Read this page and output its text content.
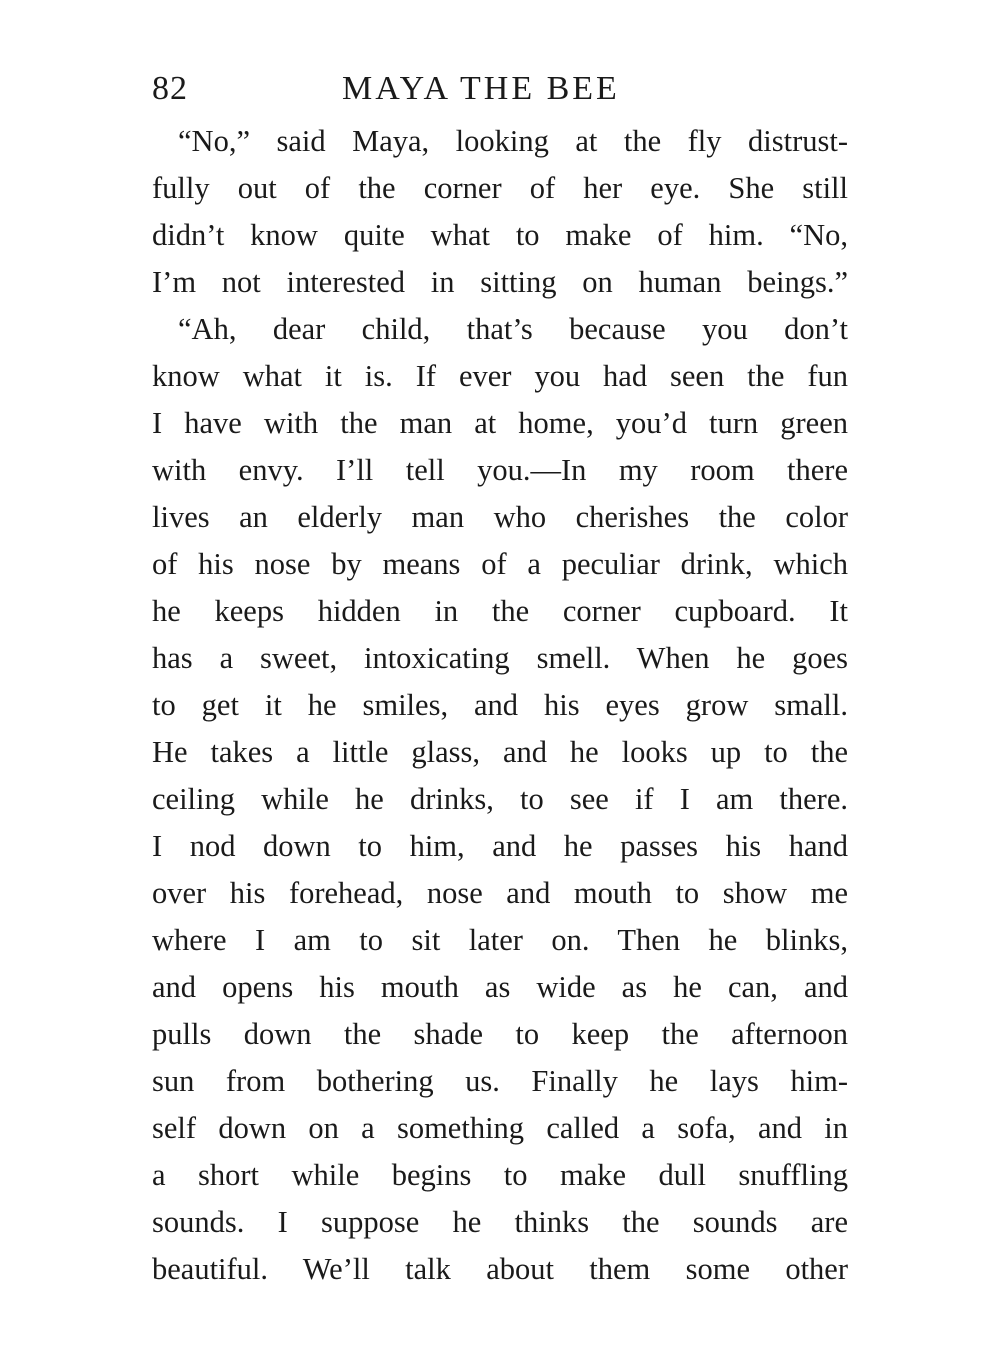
82	MAYA THE BEE
“No,” said Maya, looking at the fly distrust-
fully out of the corner of her eye. She still
didn’t know quite what to make of him. “No,
I’m not interested in sitting on human beings.”
“Ah, dear child, that’s because you don’t
know what it is. If ever you had seen the fun
I have with the man at home, you’d turn green
with envy. I’ll tell you.—In my room there
lives an elderly man who cherishes the color
of his nose by means of a peculiar drink, which
he keeps hidden in the corner cupboard. It
has a sweet, intoxicating smell. When he goes
to get it he smiles, and his eyes grow small.
He takes a little glass, and he looks up to the
ceiling while he drinks, to see if I am there.
I nod down to him, and he passes his hand
over his forehead, nose and mouth to show me
where I am to sit later on. Then he blinks,
and opens his mouth as wide as he can, and
pulls down the shade to keep the afternoon
sun from bothering us. Finally he lays him-
self down on a something called a sofa, and in
a short while begins to make dull snuffling
sounds. I suppose he thinks the sounds are
beautiful. We’ll talk about them some other
